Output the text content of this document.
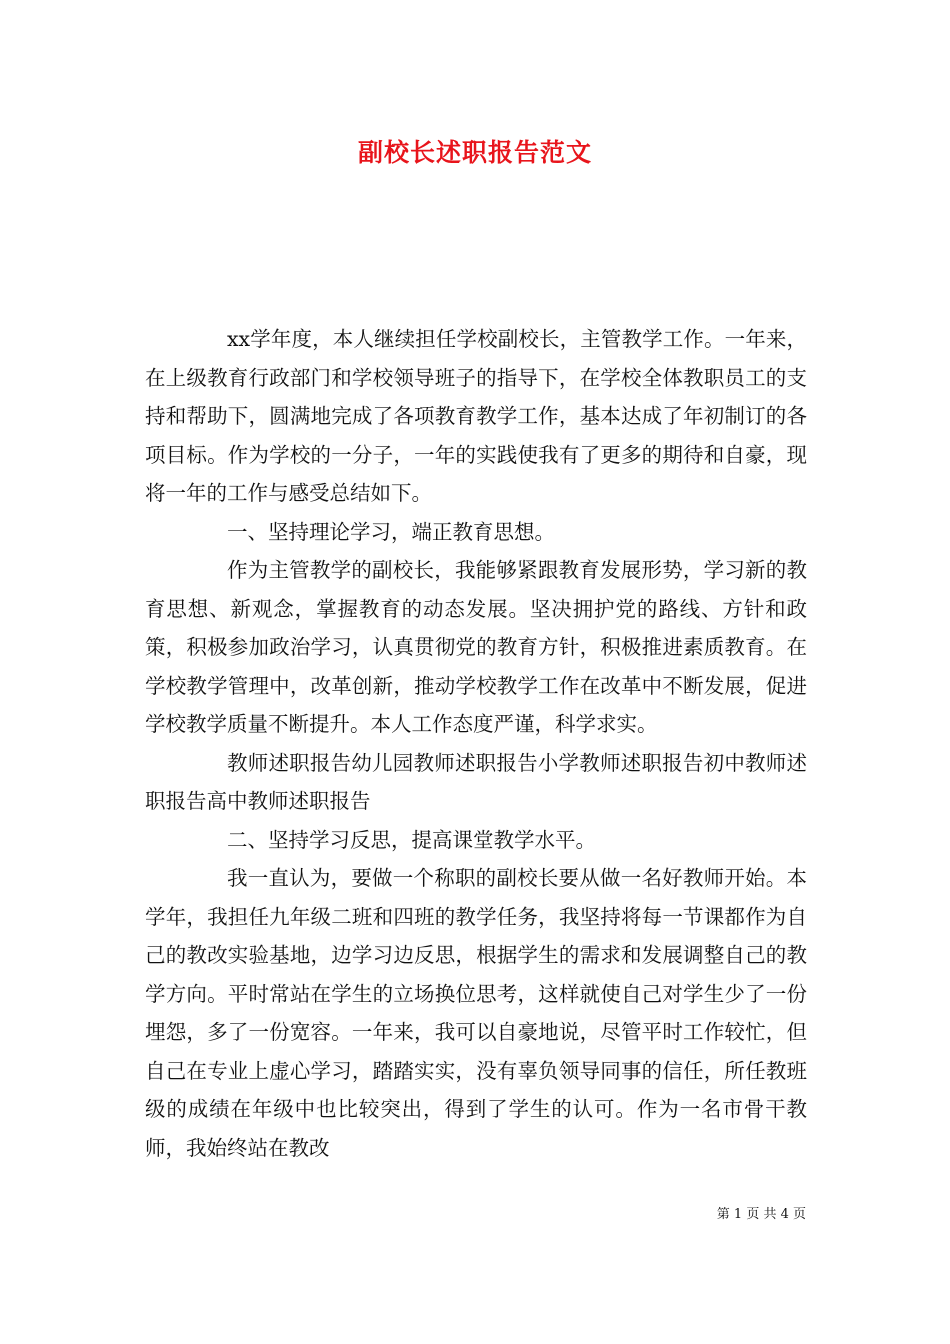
副校长述职报告范文

xx学年度，本人继续担任学校副校长，主管教学工作。一年来，在上级教育行政部门和学校领导班子的指导下，在学校全体教职员工的支持和帮助下，圆满地完成了各项教育教学工作，基本达成了年初制订的各项目标。作为学校的一分子，一年的实践使我有了更多的期待和自豪，现将一年的工作与感受总结如下。

一、坚持理论学习，端正教育思想。

作为主管教学的副校长，我能够紧跟教育发展形势，学习新的教育思想、新观念，掌握教育的动态发展。坚决拥护党的路线、方针和政策，积极参加政治学习，认真贯彻党的教育方针，积极推进素质教育。在学校教学管理中，改革创新，推动学校教学工作在改革中不断发展，促进学校教学质量不断提升。本人工作态度严谨，科学求实。

教师述职报告幼儿园教师述职报告小学教师述职报告初中教师述职报告高中教师述职报告

二、坚持学习反思，提高课堂教学水平。

我一直认为，要做一个称职的副校长要从做一名好教师开始。本学年，我担任九年级二班和四班的教学任务，我坚持将每一节课都作为自己的教改实验基地，边学习边反思，根据学生的需求和发展调整自己的教学方向。平时常站在学生的立场换位思考，这样就使自己对学生少了一份埋怨，多了一份宽容。一年来，我可以自豪地说，尽管平时工作较忙，但自己在专业上虚心学习，踏踏实实，没有辜负领导同事的信任，所任教班级的成绩在年级中也比较突出，得到了学生的认可。作为一名市骨干教师，我始终站在教改

第 1 页 共 4 页
